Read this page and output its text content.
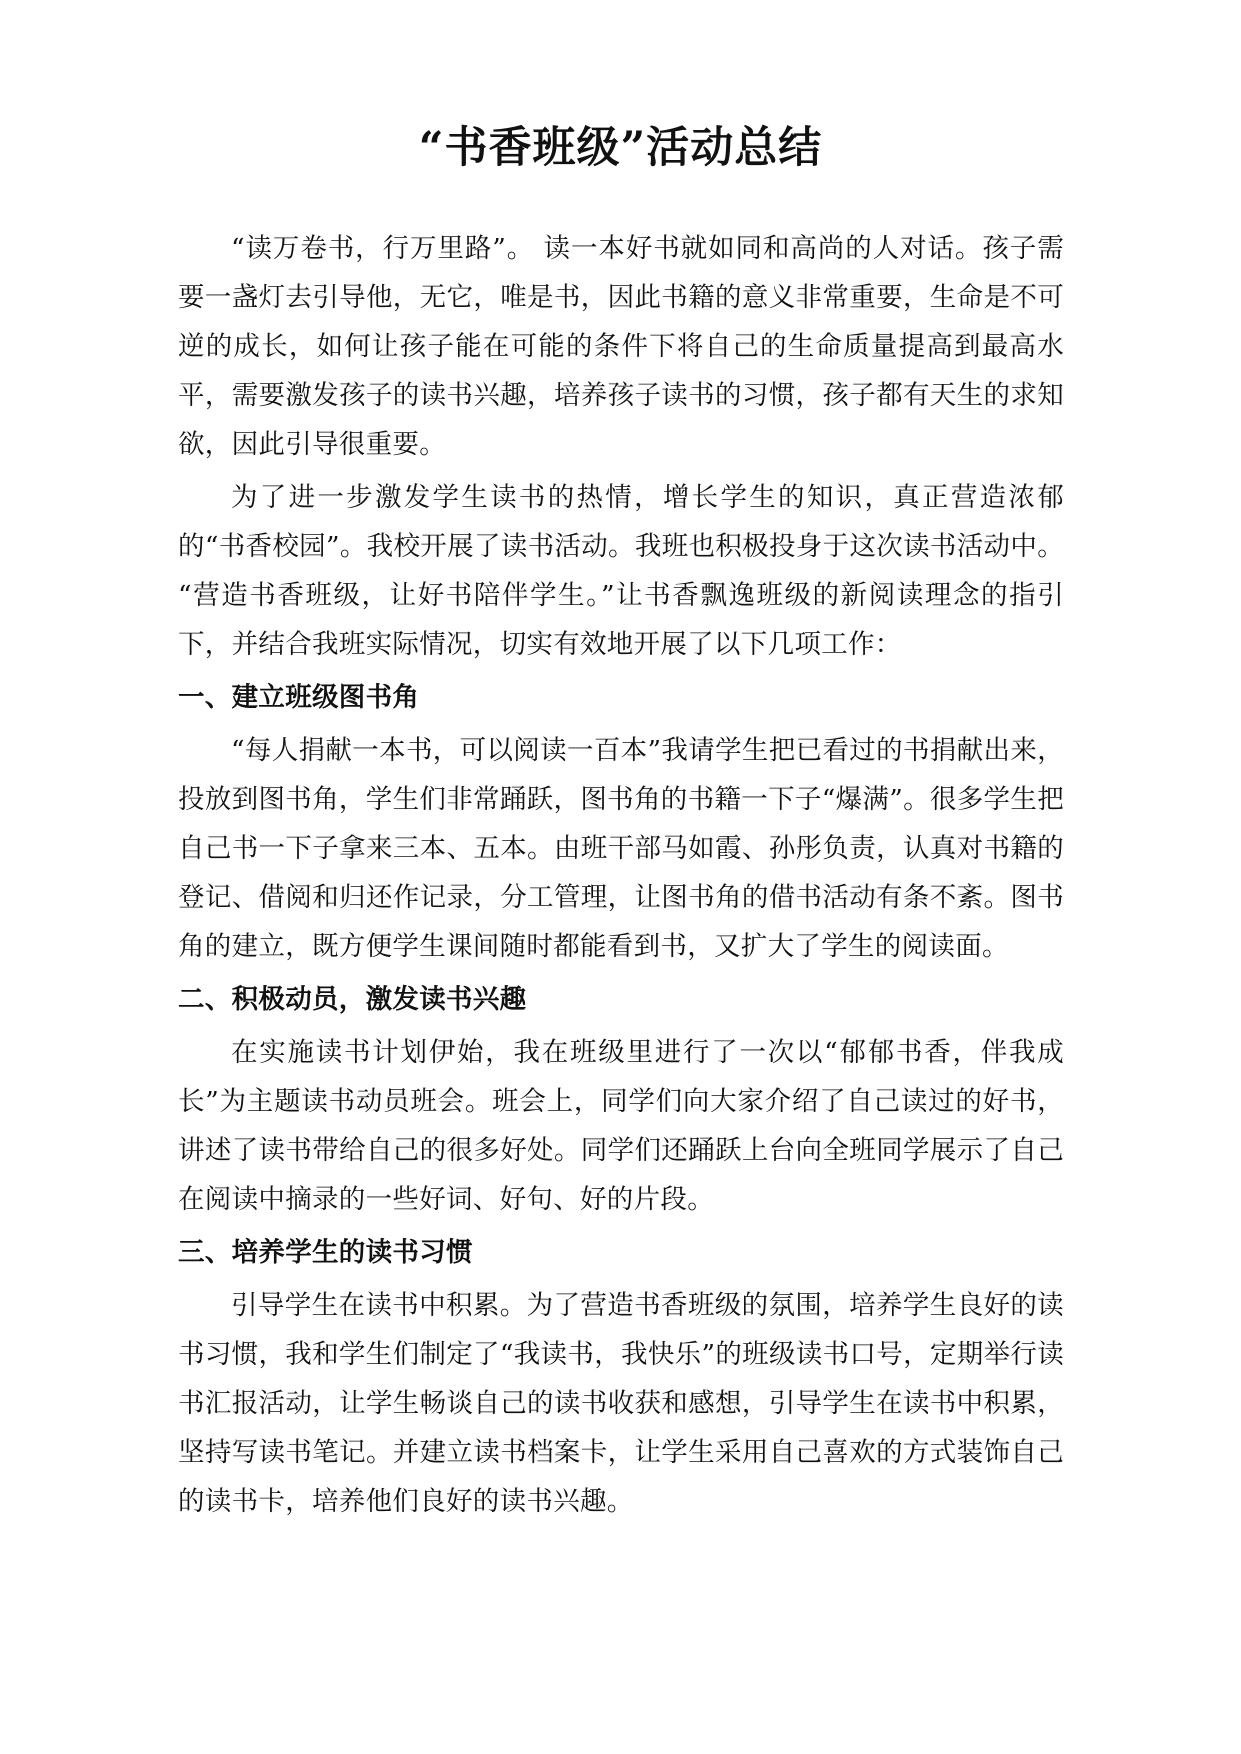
“书香班级”活动总结

“读万卷书，行万里路”。 读一本好书就如同和高尚的人对话。孩子需要一盏灯去引导他，无它，唯是书，因此书籍的意义非常重要，生命是不可逆的成长，如何让孩子能在可能的条件下将自己的生命质量提高到最高水平，需要激发孩子的读书兴趣，培养孩子读书的习惯，孩子都有天生的求知欲，因此引导很重要。

为了进一步激发学生读书的热情，增长学生的知识，真正营造浓郁的“书香校园”。我校开展了读书活动。我班也积极投身于这次读书活动中。 “营造书香班级，让好书陪伴学生。”让书香飘逸班级的新阅读理念的指引下，并结合我班实际情况，切实有效地开展了以下几项工作：

一、建立班级图书角

“每人捐献一本书，可以阅读一百本”我请学生把已看过的书捐献出来，投放到图书角，学生们非常踊跃，图书角的书籍一下子“爆满”。很多学生把自己书一下子拿来三本、五本。由班干部马如霞、孙彤负责，认真对书籍的登记、借阅和归还作记录，分工管理，让图书角的借书活动有条不紊。图书角的建立，既方便学生课间随时都能看到书，又扩大了学生的阅读面。

二、积极动员，激发读书兴趣

在实施读书计划伊始，我在班级里进行了一次以“郁郁书香，伴我成长”为主题读书动员班会。班会上，同学们向大家介绍了自己读过的好书，讲述了读书带给自己的很多好处。同学们还踊跃上台向全班同学展示了自己在阅读中摘录的一些好词、好句、好的片段。

三、培养学生的读书习惯

引导学生在读书中积累。为了营造书香班级的氛围，培养学生良好的读书习惯，我和学生们制定了“我读书，我快乐”的班级读书口号，定期举行读书汇报活动，让学生畅谈自己的读书收获和感想，引导学生在读书中积累，坚持写读书笔记。并建立读书档案卡，让学生采用自己喜欢的方式装饰自己的读书卡，培养他们良好的读书兴趣。
